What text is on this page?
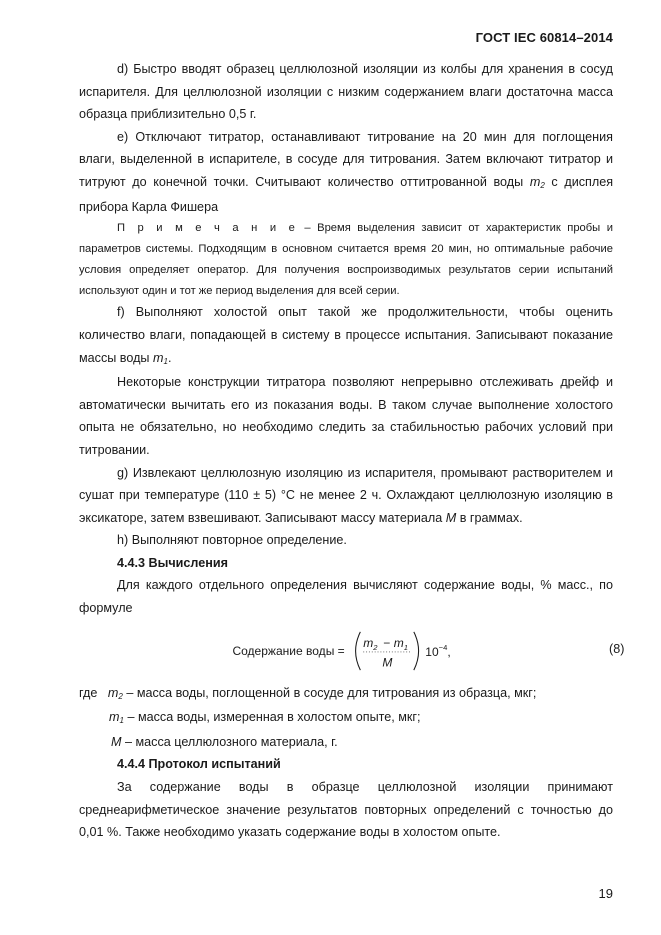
ГОСТ IEC 60814–2014

d) Быстро вводят образец целлюлозной изоляции из колбы для хранения в сосуд испарителя. Для целлюлозной изоляции с низким содержанием влаги достаточна масса образца приблизительно 0,5 г.

e) Отключают титратор, останавливают титрование на 20 мин для поглощения влаги, выделенной в испарителе, в сосуде для титрования. Затем включают титратор и титруют до конечной точки. Считывают количество оттитрованной воды $m_2$ с дисплея прибора Карла Фишера

П р и м е ч а н и е – Время выделения зависит от характеристик пробы и параметров системы. Подходящим в основном считается время 20 мин, но оптимальные рабочие условия определяет оператор. Для получения воспроизводимых результатов серии испытаний используют один и тот же период выделения для всей серии.

f) Выполняют холостой опыт такой же продолжительности, чтобы оценить количество влаги, попадающей в систему в процессе испытания. Записывают показание массы воды $m_1$.

Некоторые конструкции титратора позволяют непрерывно отслеживать дрейф и автоматически вычитать его из показания воды. В таком случае выполнение холостого опыта не обязательно, но необходимо следить за стабильностью рабочих условий при титровании.

g) Извлекают целлюлозную изоляцию из испарителя, промывают растворителем и сушат при температуре (110 ± 5) °С не менее 2 ч. Охлаждают целлюлозную изоляцию в эксикаторе, затем взвешивают. Записывают массу материала M в граммах.

h) Выполняют повторное определение.

4.4.3 Вычисления

Для каждого отдельного определения вычисляют содержание воды, % масс., по формуле

Содержание воды =
$m_2 - m_1$
M
$10^{-4}$,	(8)

где $m_2$ – масса воды, поглощенной в сосуде для титрования из образца, мкг;

$m_1$ – масса воды, измеренная в холостом опыте, мкг;

M – масса целлюлозного материала, г.

4.4.4 Протокол испытаний

За содержание воды в образце целлюлозной изоляции принимают среднеарифметическое значение результатов повторных определений с точностью до 0,01 %. Также необходимо указать содержание воды в холостом опыте.

19
